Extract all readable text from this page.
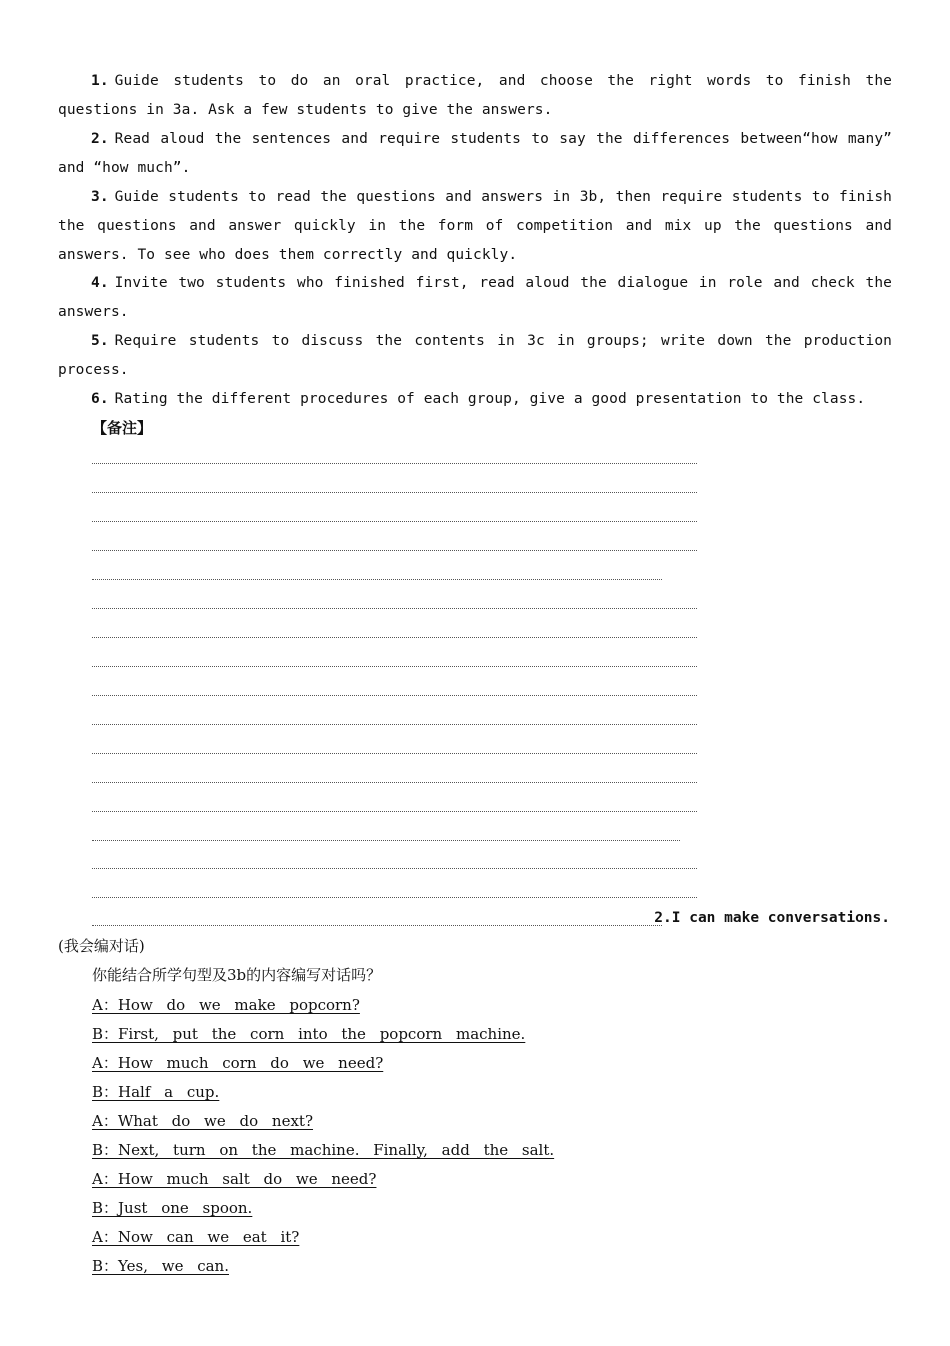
1. Guide students to do an oral practice, and choose the right words to finish the questions in 3a. Ask a few students to give the answers.
2. Read aloud the sentences and require students to say the differences between“how many” and “how much”.
3. Guide students to read the questions and answers in 3b, then require students to finish the questions and answer quickly in the form of competition and mix up the questions and answers. To see who does them correctly and quickly.
4. Invite two students who finished first, read aloud the dialogue in role and check the answers.
5. Require students to discuss the contents in 3c in groups; write down the production process.
6. Rating the different procedures of each group, give a good presentation to the class.
【备注】
2.I can make conversations.
(我会编对话)
你能结合所学句型及3b的内容编写对话吗？
A：How do we make popcorn?
B：First, put the corn into the popcorn machine.
A：How much corn do we need?
B：Half a cup.
A：What do we do next?
B：Next, turn on the machine. Finally, add the salt.
A：How much salt do we need?
B：Just one spoon.
A：Now can we eat it?
B：Yes, we can.
